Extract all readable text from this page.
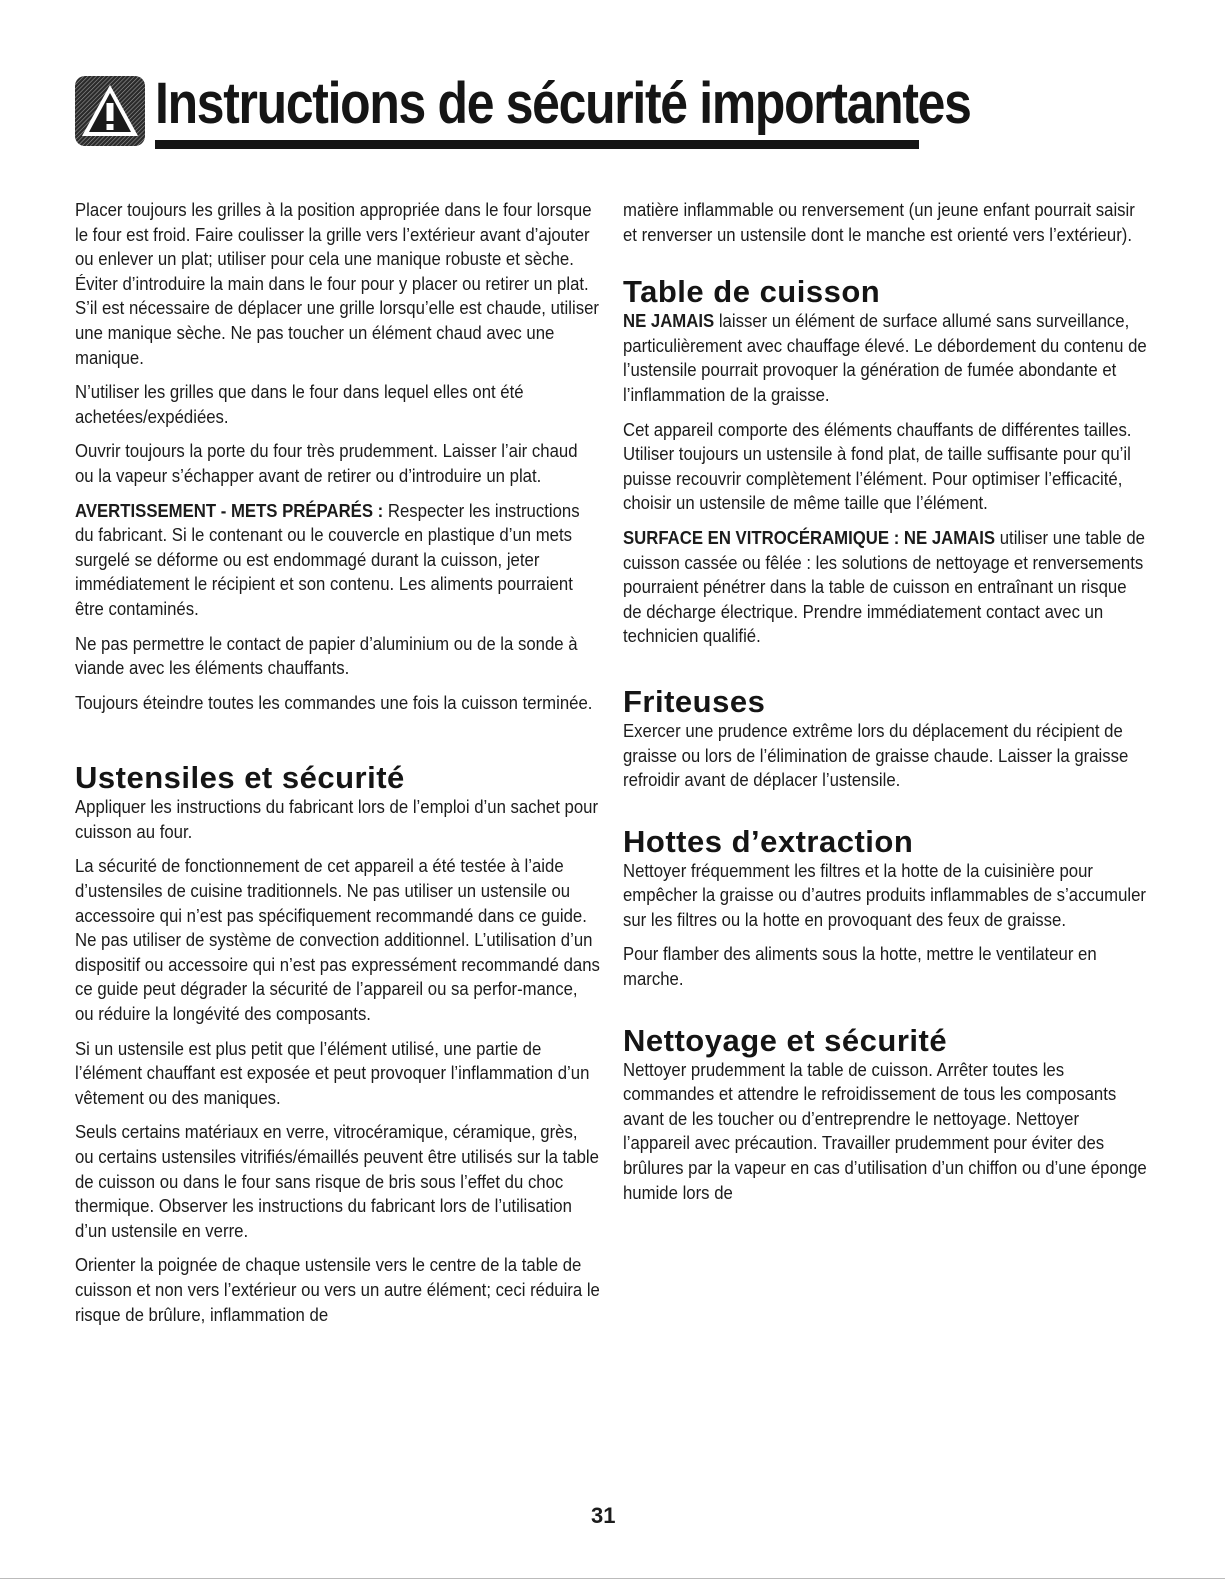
Instructions de sécurité importantes

Placer toujours les grilles à la position appropriée dans le four lorsque le four est froid. Faire coulisser la grille vers l’extérieur avant d’ajouter ou enlever un plat; utiliser pour cela une manique robuste et sèche. Éviter d’introduire la main dans le four pour y placer ou retirer un plat. S’il est nécessaire de déplacer une grille lorsqu’elle est chaude, utiliser une manique sèche. Ne pas toucher un élément chaud avec une manique.

N’utiliser les grilles que dans le four dans lequel elles ont été achetées/expédiées.

Ouvrir toujours la porte du four très prudemment. Laisser l’air chaud ou la vapeur s’échapper avant de retirer ou d’introduire un plat.

AVERTISSEMENT - METS PRÉPARÉS : Respecter les instructions du fabricant. Si le contenant ou le couvercle en plastique d’un mets surgelé se déforme ou est endommagé durant la cuisson, jeter immédiatement le récipient et son contenu. Les aliments pourraient être contaminés.

Ne pas permettre le contact de papier d’aluminium ou de la sonde à viande avec les éléments chauffants.

Toujours éteindre toutes les commandes une fois la cuisson terminée.

Ustensiles et sécurité

Appliquer les instructions du fabricant lors de l’emploi d’un sachet pour cuisson au four.

La sécurité de fonctionnement de cet appareil a été testée à l’aide d’ustensiles de cuisine traditionnels. Ne pas utiliser un ustensile ou accessoire qui n’est pas spécifiquement recommandé dans ce guide. Ne pas utiliser de système de convection additionnel. L’utilisation d’un dispositif ou accessoire qui n’est pas expressément recommandé dans ce guide peut dégrader la sécurité de l’appareil ou sa perfor-mance, ou réduire la longévité des composants.

Si un ustensile est plus petit que l’élément utilisé, une partie de l’élément chauffant est exposée et peut provoquer l’inflammation d’un vêtement ou des maniques.

Seuls certains matériaux en verre, vitrocéramique, céramique, grès, ou certains ustensiles vitrifiés/émaillés peuvent être utilisés sur la table de cuisson ou dans le four sans risque de bris sous l’effet du choc thermique. Observer les instructions du fabricant lors de l’utilisation d’un ustensile en verre.

Orienter la poignée de chaque ustensile vers le centre de la table de cuisson et non vers l’extérieur ou vers un autre élément; ceci réduira le risque de brûlure, inflammation de

matière inflammable ou renversement (un jeune enfant pourrait saisir et renverser un ustensile dont le manche est orienté vers l’extérieur).

Table de cuisson

NE JAMAIS laisser un élément de surface allumé sans surveillance, particulièrement avec chauffage élevé. Le débordement du contenu de l’ustensile pourrait provoquer la génération de fumée abondante et l’inflammation de la graisse.

Cet appareil comporte des éléments chauffants de différentes tailles. Utiliser toujours un ustensile à fond plat, de taille suffisante pour qu’il puisse recouvrir complètement l’élément. Pour optimiser l’efficacité, choisir un ustensile de même taille que l’élément.

SURFACE EN VITROCÉRAMIQUE : NE JAMAIS utiliser une table de cuisson cassée ou fêlée : les solutions de nettoyage et renversements pourraient pénétrer dans la table de cuisson en entraînant un risque de décharge électrique. Prendre immédiatement contact avec un technicien qualifié.

Friteuses

Exercer une prudence extrême lors du déplacement du récipient de graisse ou lors de l’élimination de graisse chaude. Laisser la graisse refroidir avant de déplacer l’ustensile.

Hottes d’extraction

Nettoyer fréquemment les filtres et la hotte de la cuisinière pour empêcher la graisse ou d’autres produits inflammables de s’accumuler sur les filtres ou la hotte en provoquant des feux de graisse.

Pour flamber des aliments sous la hotte, mettre le ventilateur en marche.

Nettoyage et sécurité

Nettoyer prudemment la table de cuisson. Arrêter toutes les commandes et attendre le refroidissement de tous les composants avant de les toucher ou d’entreprendre le nettoyage. Nettoyer l’appareil avec précaution. Travailler prudemment pour éviter des brûlures par la vapeur en cas d’utilisation d’un chiffon ou d’une éponge humide lors de

31
